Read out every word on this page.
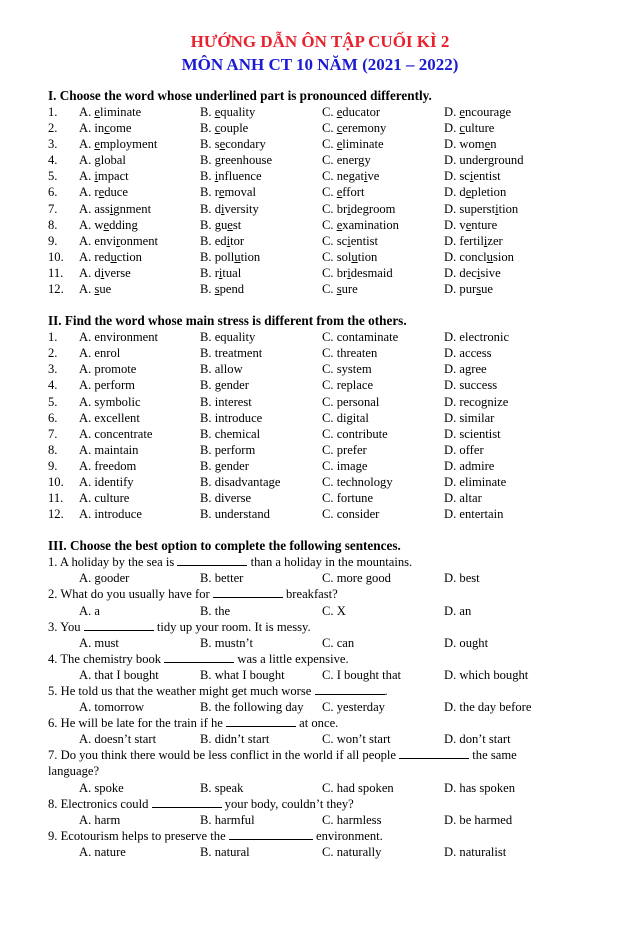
HƯỚNG DẪN ÔN TẬP CUỐI KÌ 2
MÔN ANH CT 10 NĂM (2021 – 2022)
I. Choose the word whose underlined part is pronounced differently.
1. A. eliminate	B. equality	C. educator	D. encourage
2. A. income	B. couple	C. ceremony	D. culture
3. A. employment	B. secondary	C. eliminate	D. women
4. A. global	B. greenhouse	C. energy	D. underground
5. A. impact	B. influence	C. negative	D. scientist
6. A. reduce	B. removal	C. effort	D. depletion
7. A. assignment	B. diversity	C. bridegroom	D. superstition
8. A. wedding	B. guest	C. examination	D. venture
9. A. environment	B. editor	C. scientist	D. fertilizer
10. A. reduction	B. pollution	C. solution	D. conclusion
11. A. diverse	B. ritual	C. bridesmaid	D. decisive
12. A. sue	B. spend	C. sure	D. pursue
II. Find the word whose main stress is different from the others.
1. A. environment	B. equality	C. contaminate	D. electronic
2. A. enrol	B. treatment	C. threaten	D. access
3. A. promote	B. allow	C. system	D. agree
4. A. perform	B. gender	C. replace	D. success
5. A. symbolic	B. interest	C. personal	D. recognize
6. A. excellent	B. introduce	C. digital	D. similar
7. A. concentrate	B. chemical	C. contribute	D. scientist
8. A. maintain	B. perform	C. prefer	D. offer
9. A. freedom	B. gender	C. image	D. admire
10. A. identify	B. disadvantage	C. technology	D. eliminate
11. A. culture	B. diverse	C. fortune	D. altar
12. A. introduce	B. understand	C. consider	D. entertain
III. Choose the best option to complete the following sentences.
1. A holiday by the sea is	than a holiday in the mountains.
A. gooder	B. better	C. more good	D. best
2. What do you usually have for	breakfast?
A. a	B. the	C. X	D. an
3. You	tidy up your room. It is messy.
A. must	B. mustn’t	C. can	D. ought
4. The chemistry book	was a little expensive.
A. that I bought	B. what I bought	C. I bought that	D. which bought
5. He told us that the weather might get much worse	.
A. tomorrow	B. the following day C. yesterday	D. the day before
6. He will be late for the train if he	at once.
A. doesn’t start	B. didn’t start	C. won’t start	D. don’t start
7. Do you think there would be less conflict in the world if all people	the same
language?
A. spoke	B. speak	C. had spoken	D. has spoken
8. Electronics could	your body, couldn’t they?
A. harm	B. harmful	C. harmless	D. be harmed
9. Ecotourism helps to preserve the	environment.
A. nature	B. natural	C. naturally	D. naturalist
